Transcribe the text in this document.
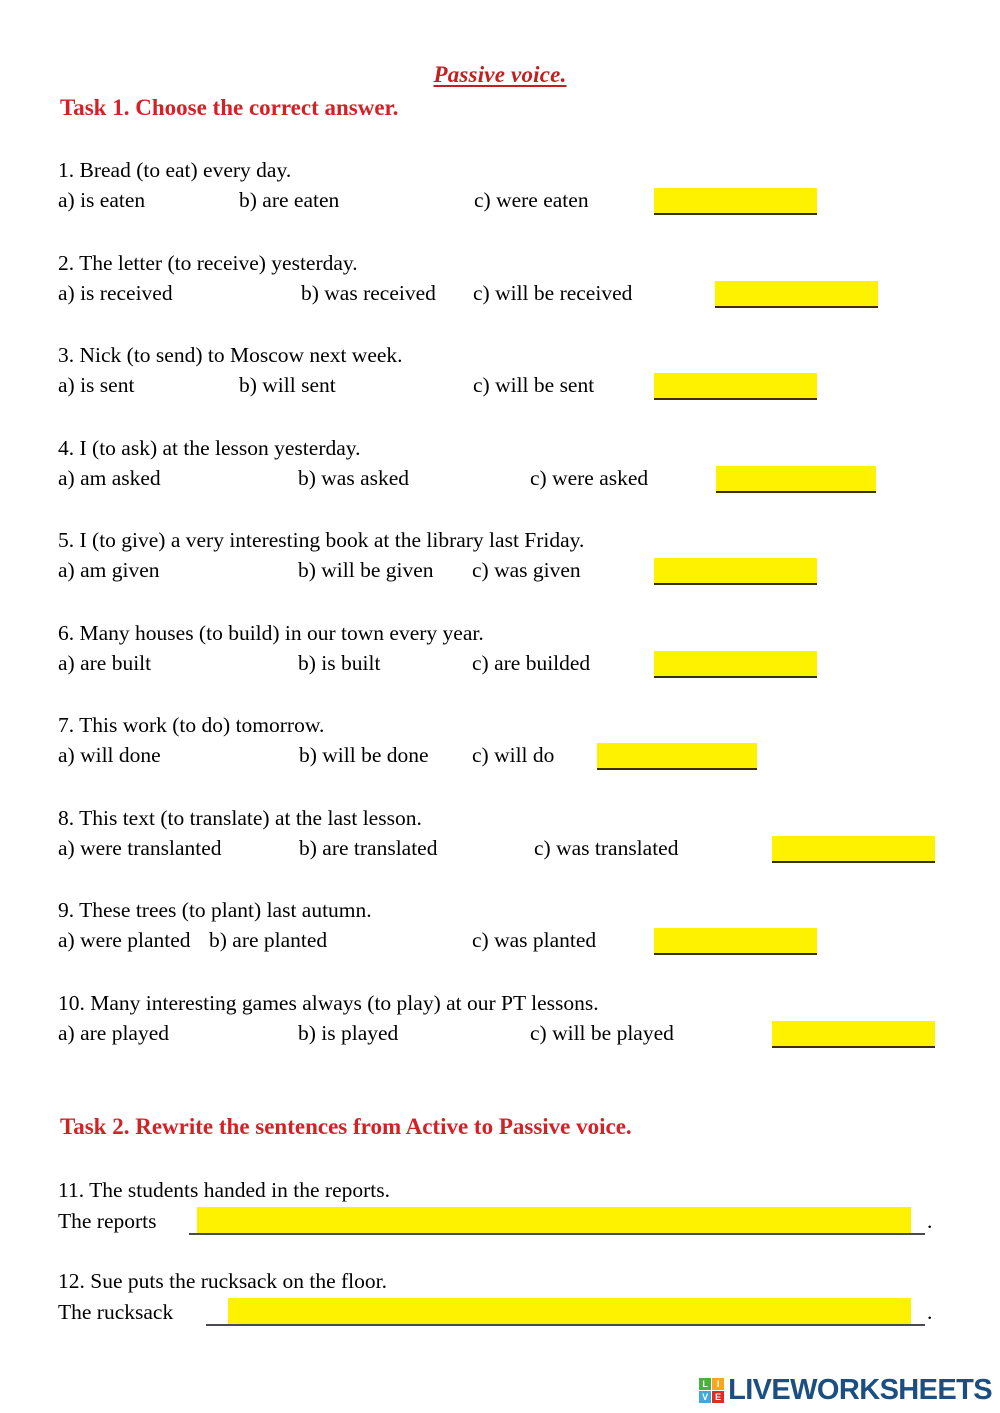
Passive voice.
Task 1. Choose the correct answer.
1. Bread (to eat) every day.
a) is eaten	b) are eaten	c) were eaten
2. The letter (to receive) yesterday.
a) is received	b) was received c) will be received
3. Nick (to send) to Moscow next week.
a) is sent	b) will sent	c) will be sent
4. I (to ask) at the lesson yesterday.
a) am asked	b) was asked	c) were asked
5. I (to give) a very interesting book at the library last Friday.
a) am given	b) will be given c) was given
6. Many houses (to build) in our town every year.
a) are built	b) is built	c) are builded
7. This work (to do) tomorrow.
a) will done	b) will be done c) will do
8. This text (to translate) at the last lesson.
a) were translanted	b) are translated	c) was translated
9. These trees (to plant) last autumn.
a) were planted b) are planted	c) was planted
10. Many interesting games always (to play) at our PT lessons.
a) are played	b) is played	c) will be played
Task 2. Rewrite the sentences from Active to Passive voice.
11. The students handed in the reports.
The reports	.
12. Sue puts the rucksack on the floor.
The rucksack	.
L I
V E LIVEWORKSHEETS
